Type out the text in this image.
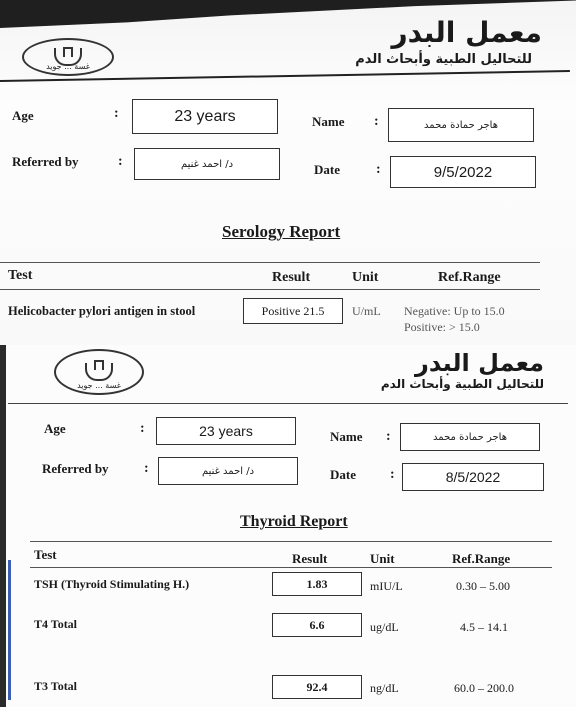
غسة ... جويد
معمل البدر
للتحاليل الطبية وأبحاث الدم
Age	:	23 years	Name :	هاجر حمادة محمد
Referred by	:	د/ احمد غنيم	Date	:	9/5/2022
Serology Report
Test	Result	Unit	Ref.Range
Helicobacter pylori antigen in stool	Positive 21.5	U/mL Negative: Up to 15.0
Positive: > 15.0
غسة ... جويد
معمل البدر
للتحاليل الطبية وأبحاث الدم
Age	:	23 years	Name :	هاجر حمادة محمد
Referred by	:	د/ احمد غنيم	Date :	8/5/2022
Thyroid Report
Test	Result	Unit	Ref.Range
TSH (Thyroid Stimulating H.)	1.83	mIU/L	0.30 – 5.00
T4 Total	6.6	ug/dL	4.5 – 14.1
T3 Total	92.4	ng/dL	60.0 – 200.0
